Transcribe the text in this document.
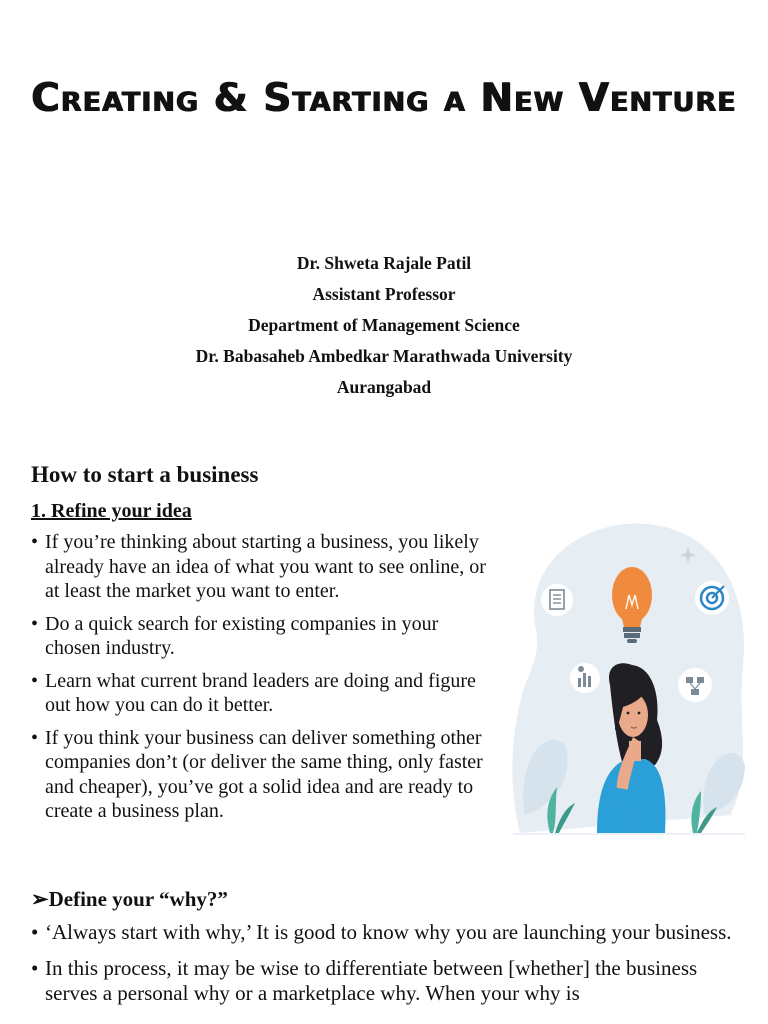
Creating & Starting a New Venture
Dr. Shweta Rajale Patil
Assistant Professor
Department of Management Science
Dr. Babasaheb Ambedkar Marathwada University
Aurangabad
How to start a business
1. Refine your idea
• If you’re thinking about starting a business, you likely already have an idea of what you want to see online, or at least the market you want to enter.
• Do a quick search for existing companies in your chosen industry.
• Learn what current brand leaders are doing and figure out how you can do it better.
• If you think your business can deliver something other companies don’t (or deliver the same thing, only faster and cheaper), you’ve got a solid idea and are ready to create a business plan.
➢Define your “why?”
• ‘Always start with why,’ It is good to know why you are launching your business.
• In this process, it may be wise to differentiate between [whether] the business serves a personal why or a marketplace why. When your why is
